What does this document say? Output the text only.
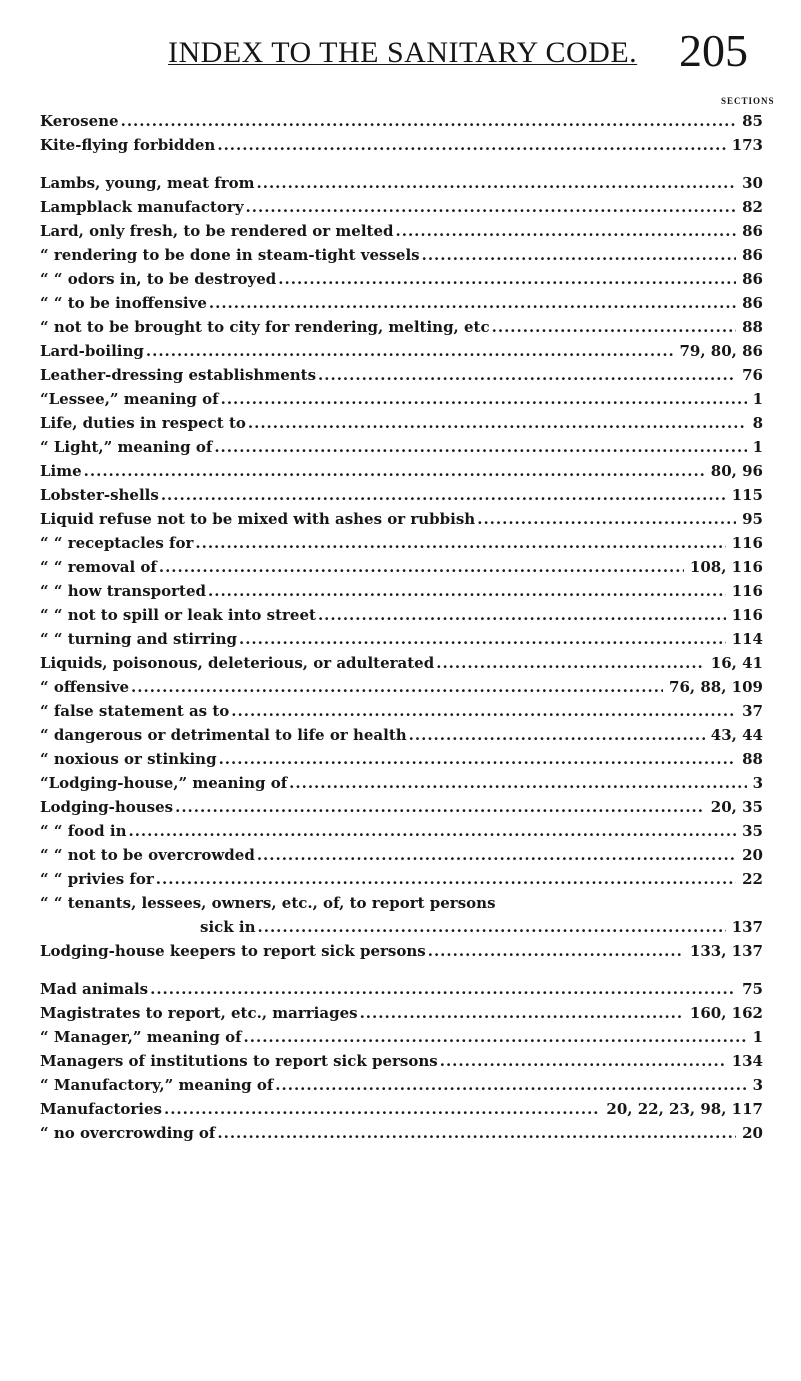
INDEX TO THE SANITARY CODE. 205
SECTIONS
Kerosene .....	85
Kite-flying forbidden .....	173
Lambs, young, meat from .....	30
Lampblack manufactory .....	82
Lard, only fresh, to be rendered or melted .....	86
“ rendering to be done in steam-tight vessels .....	86
“ “ odors in, to be destroyed .....	86
“ “ to be inoffensive .....	86
“ not to be brought to city for rendering, melting, etc .....	88
Lard-boiling .....	79, 80, 86
Leather-dressing establishments .....	76
“Lessee,” meaning of .....	1
Life, duties in respect to .....	8
“ Light,” meaning of .....	1
Lime .....	80, 96
Lobster-shells .....	115
Liquid refuse not to be mixed with ashes or rubbish .....	95
“ “ receptacles for .....	116
“ “ removal of .....	108, 116
“ “ how transported .....	116
“ “ not to spill or leak into street .....	116
“ “ turning and stirring .....	114
Liquids, poisonous, deleterious, or adulterated .....	16, 41
“ offensive .....	76, 88, 109
“ false statement as to .....	37
“ dangerous or detrimental to life or health .....	43, 44
“ noxious or stinking .....	88
“Lodging-house,” meaning of .....	3
Lodging-houses .....	20, 35
“ “ food in .....	35
“ “ not to be overcrowded .....	20
“ “ privies for .....	22
“ “ tenants, lessees, owners, etc., of, to report persons
sick in .....	137
Lodging-house keepers to report sick persons .....	133, 137
Mad animals .....	75
Magistrates to report, etc., marriages .....	160, 162
“ Manager,” meaning of .....	1
Managers of institutions to report sick persons .....	134
“ Manufactory,” meaning of .....	3
Manufactories .....	20, 22, 23, 98, 117
“ no overcrowding of .....	20
